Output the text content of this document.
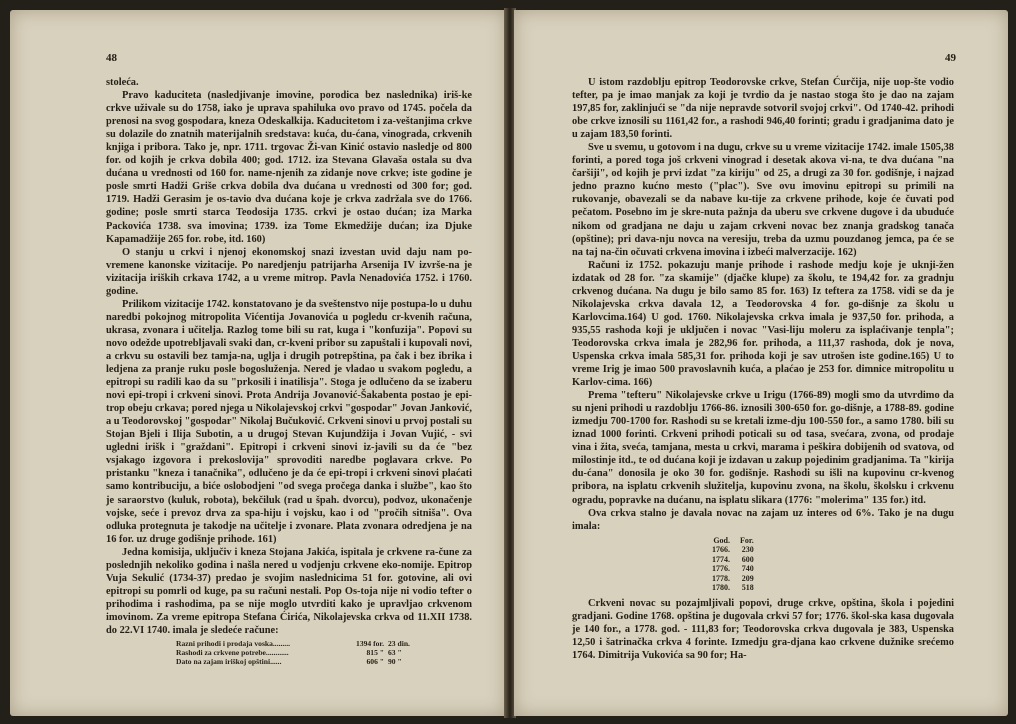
48

stoleća.

Pravo kaduciteta (nasledjivanje imovine, porodica bez naslednika) iriš-ke crkve uživale su do 1758, iako je uprava spahiluka ovo pravo od 1745. počela da prenosi na svog gospodara, kneza Odeskalkija. Kaducitetom i za-veštanjima crkve su dolazile do znatnih materijalnih sredstava: kuća, du-ćana, vinograda, crkvenih knjiga i pribora. Tako je, npr. 1711. trgovac Ži-van Kinić ostavio nasledje od 800 for. od kojih je crkva dobila 400; god. 1712. iza Stevana Glavaša ostala su dva dućana u vrednosti od 160 for. name-njenih za zidanje nove crkve; iste godine je posle smrti Hadži Griše crkva dobila dva dućana u vrednosti od 300 for; god. 1719. Hadži Gerasim je os-tavio dva dućana koje je crkva zadržala sve do 1766. godine; posle smrti starca Teodosija 1735. crkvi je ostao dućan; iza Marka Packovića 1738. sva imovina; 1739. iza Tome Ekmedžije dućan; iza Djuke Kapamadžije 265 for. robe, itd. 160)

O stanju u crkvi i njenoj ekonomskoj snazi izvestan uvid daju nam po-vremene kanonske vizitacije. Po naredjenju patrijarha Arsenija IV izvrše-na je vizitacija iriških crkava 1742, a u vreme mitrop. Pavla Nenadovića 1752. i 1760. godine.

Prilikom vizitacije 1742. konstatovano je da sveštenstvo nije postupa-lo u duhu naredbi pokojnog mitropolita Vićentija Jovanovića u pogledu cr-kvenih računa, ukrasa, zvonara i učitelja. Razlog tome bili su rat, kuga i "konfuzija". Popovi su novo odežde upotrebljavali svaki dan, cr-kveni pribor su zapuštali i kupovali novi, a crkvu su ostavili bez tamja-na, uglja i drugih potrepština, pa čak i bez ibrika i ledjena za pranje ruku posle bogosluženja. Nered je vladao u svakom pogledu, a epitropi su radili kao da su "prkosili i inatilisja". Stoga je odlučeno da se izaberu novi epi-tropi i crkveni sinovi. Prota Andrija Jovanović-Šakabenta postao je epi-trop obeju crkava; pored njega u Nikolajevskoj crkvi "gospodar" Jovan Janković, a u Teodorovskoj "gospodar" Nikolaj Bučuković. Crkveni sinovi u prvoj postali su Stojan Bjeli i Ilija Subotin, a u drugoj Stevan Kujundžija i Jovan Vujić, - svi ugledni irišk i "graždani". Epitropi i crkveni sinovi iz-javili su da će "bez vsjakago izgovora i prekoslovija" sprovoditi naredbe poglavara crkve. Po pristanku "kneza i tanačnika", odlučeno je da će epi-tropi i crkveni sinovi plaćati samo kontribuciju, a biće oslobodjeni "od svega pročega danka i službe", kao što je saraorstvo (kuluk, robota), bekčiluk (rad u špah. dvorcu), podvoz, ukonačenje vojske, seće i prevoz drva za spa-hiju i vojsku, kao i od "pročih sitniša". Ova odluka protegnuta je takodje na učitelje i zvonare. Plata zvonara odredjena je na 16 for. uz druge godišnje prihode. 161)

Jedna komisija, uključiv i kneza Stojana Jakića, ispitala je crkvene ra-čune za poslednjih nekoliko godina i našla nered u vodjenju crkvene eko-nomije. Epitrop Vuja Sekulić (1734-37) predao je svojim naslednicima 51 for. gotovine, ali ovi epitropi su pomrli od kuge, pa su računi nestali. Pop Os-toja nije ni vodio tefter o prihodima i rashodima, pa se nije moglo utvrditi kako je upravljao crkvenom imovinom. Za vreme epitropa Stefana Ćirića, Nikolajevska crkva od 11.XII 1738. do 22.VI 1740. imala je sledeće račune:

Razni prihodi i prodaja voska.........	1394 for.	23 din.
Rashodi za crkvene potrebe............	815 "	63 "
Dato na zajam iriškoj opštini......	606 "	90 "
49

U istom razdoblju epitrop Teodorovske crkve, Stefan Ćurčija, nije uop-šte vodio tefter, pa je imao manjak za koji je tvrdio da je nastao stoga što je dao na zajam 197,85 for, zaklinjući se "da nije nepravde sotvoril svojoj crkvi". Od 1740-42. prihodi obe crkve iznosili su 1161,42 for., a rashodi 946,40 forinti; gradu i gradjanima dato je u zajam 183,50 forinti.

Sve u svemu, u gotovom i na dugu, crkve su u vreme vizitacije 1742. imale 1505,38 forinti, a pored toga još crkveni vinograd i desetak akova vi-na, te dva dućana "na čaršiji", od kojih je prvi izdat "za kiriju" od 25, a drugi za 30 for. godišnje, i najzad jedno prazno kućno mesto ("plac"). Sve ovu imovinu epitropi su primili na rukovanje, obavezali se da nabave ku-tije za crkvene prihode, koje će čuvati pod pečatom. Posebno im je skre-nuta pažnja da uberu sve crkvene dugove i da ubuduće nikom od gradjana ne daju u zajam crkveni novac bez znanja gradskog tanača (opštine); pri dava-nju novca na veresiju, treba da uzmu pouzdanog jemca, pa će se na taj na-čin očuvati crkvena imovina i izbeći malverzacije. 162)

Računi iz 1752. pokazuju manje prihode i rashode medju koje je uknji-žen izdatak od 28 for. "za skamije" (djačke klupe) za školu, te 194,42 for. za gradnju crkvenog dućana. Na dugu je bilo samo 85 for. 163) Iz teftera za 1758. vidi se da je Nikolajevska crkva davala 12, a Teodorovska 4 for. go-dišnje za školu u Karlovcima.164) U god. 1760. Nikolajevska crkva imala je 937,50 for. prihoda, a 935,55 rashoda koji je uključen i novac "Vasi-liju moleru za isplaćivanje tenpla"; Teodorovska crkva imala je 282,96 for. prihoda, a 111,37 rashoda, dok je nova, Uspenska crkva imala 585,31 for. prihoda koji je sav utrošen iste godine.165) U to vreme Irig je imao 500 pravoslavnih kuća, a plaćao je 253 for. dimnice mitropolitu u Karlov-cima. 166)

Prema "tefteru" Nikolajevske crkve u Irigu (1766-89) mogli smo da utvrdimo da su njeni prihodi u razdoblju 1766-86. iznosili 300-650 for. go-dišnje, a 1788-89. godine izmedju 700-1700 for. Rashodi su se kretali izme-dju 100-550 for., a samo 1780. bili su iznad 1000 forinti. Crkveni prihodi poticali su od tasa, svećara, zvona, od prodaje vina i žita, sveća, tamjana, mesta u crkvi, marama i peškira dobijenih od svatova, od milostinje itd., te od dućana koji je izdavan u zakup pojedinim gradjanima. Ta "kirija du-ćana" donosila je oko 30 for. godišnje. Rashodi su išli na kupovinu cr-kvenog pribora, na isplatu crkvenih služitelja, kupovinu zvona, na školu, školsku i crkvenu ogradu, popravke na dućanu, na isplatu slikara (1776: "molerima" 135 for.) itd.

Ova crkva stalno je davala novac na zajam uz interes od 6%. Tako je na dugu imala:

God.	For.
1766.	230
1774.	600
1776.	740
1778.	209
1780.	518

Crkveni novac su pozajmljivali popovi, druge crkve, opština, škola i pojedini gradjani. Godine 1768. opština je dugovala crkvi 57 for; 1776. škol-ska kasa dugovala je 140 for., a 1778. god. - 111,83 for; Teodorovska crkva dugovala je 383, Uspenska 12,50 i šatrinačka crkva 4 forinte. Izmedju gra-djana kao crkvene dužnike srećemo 1764. Dimitrija Vukovića sa 90 for; Ha-
